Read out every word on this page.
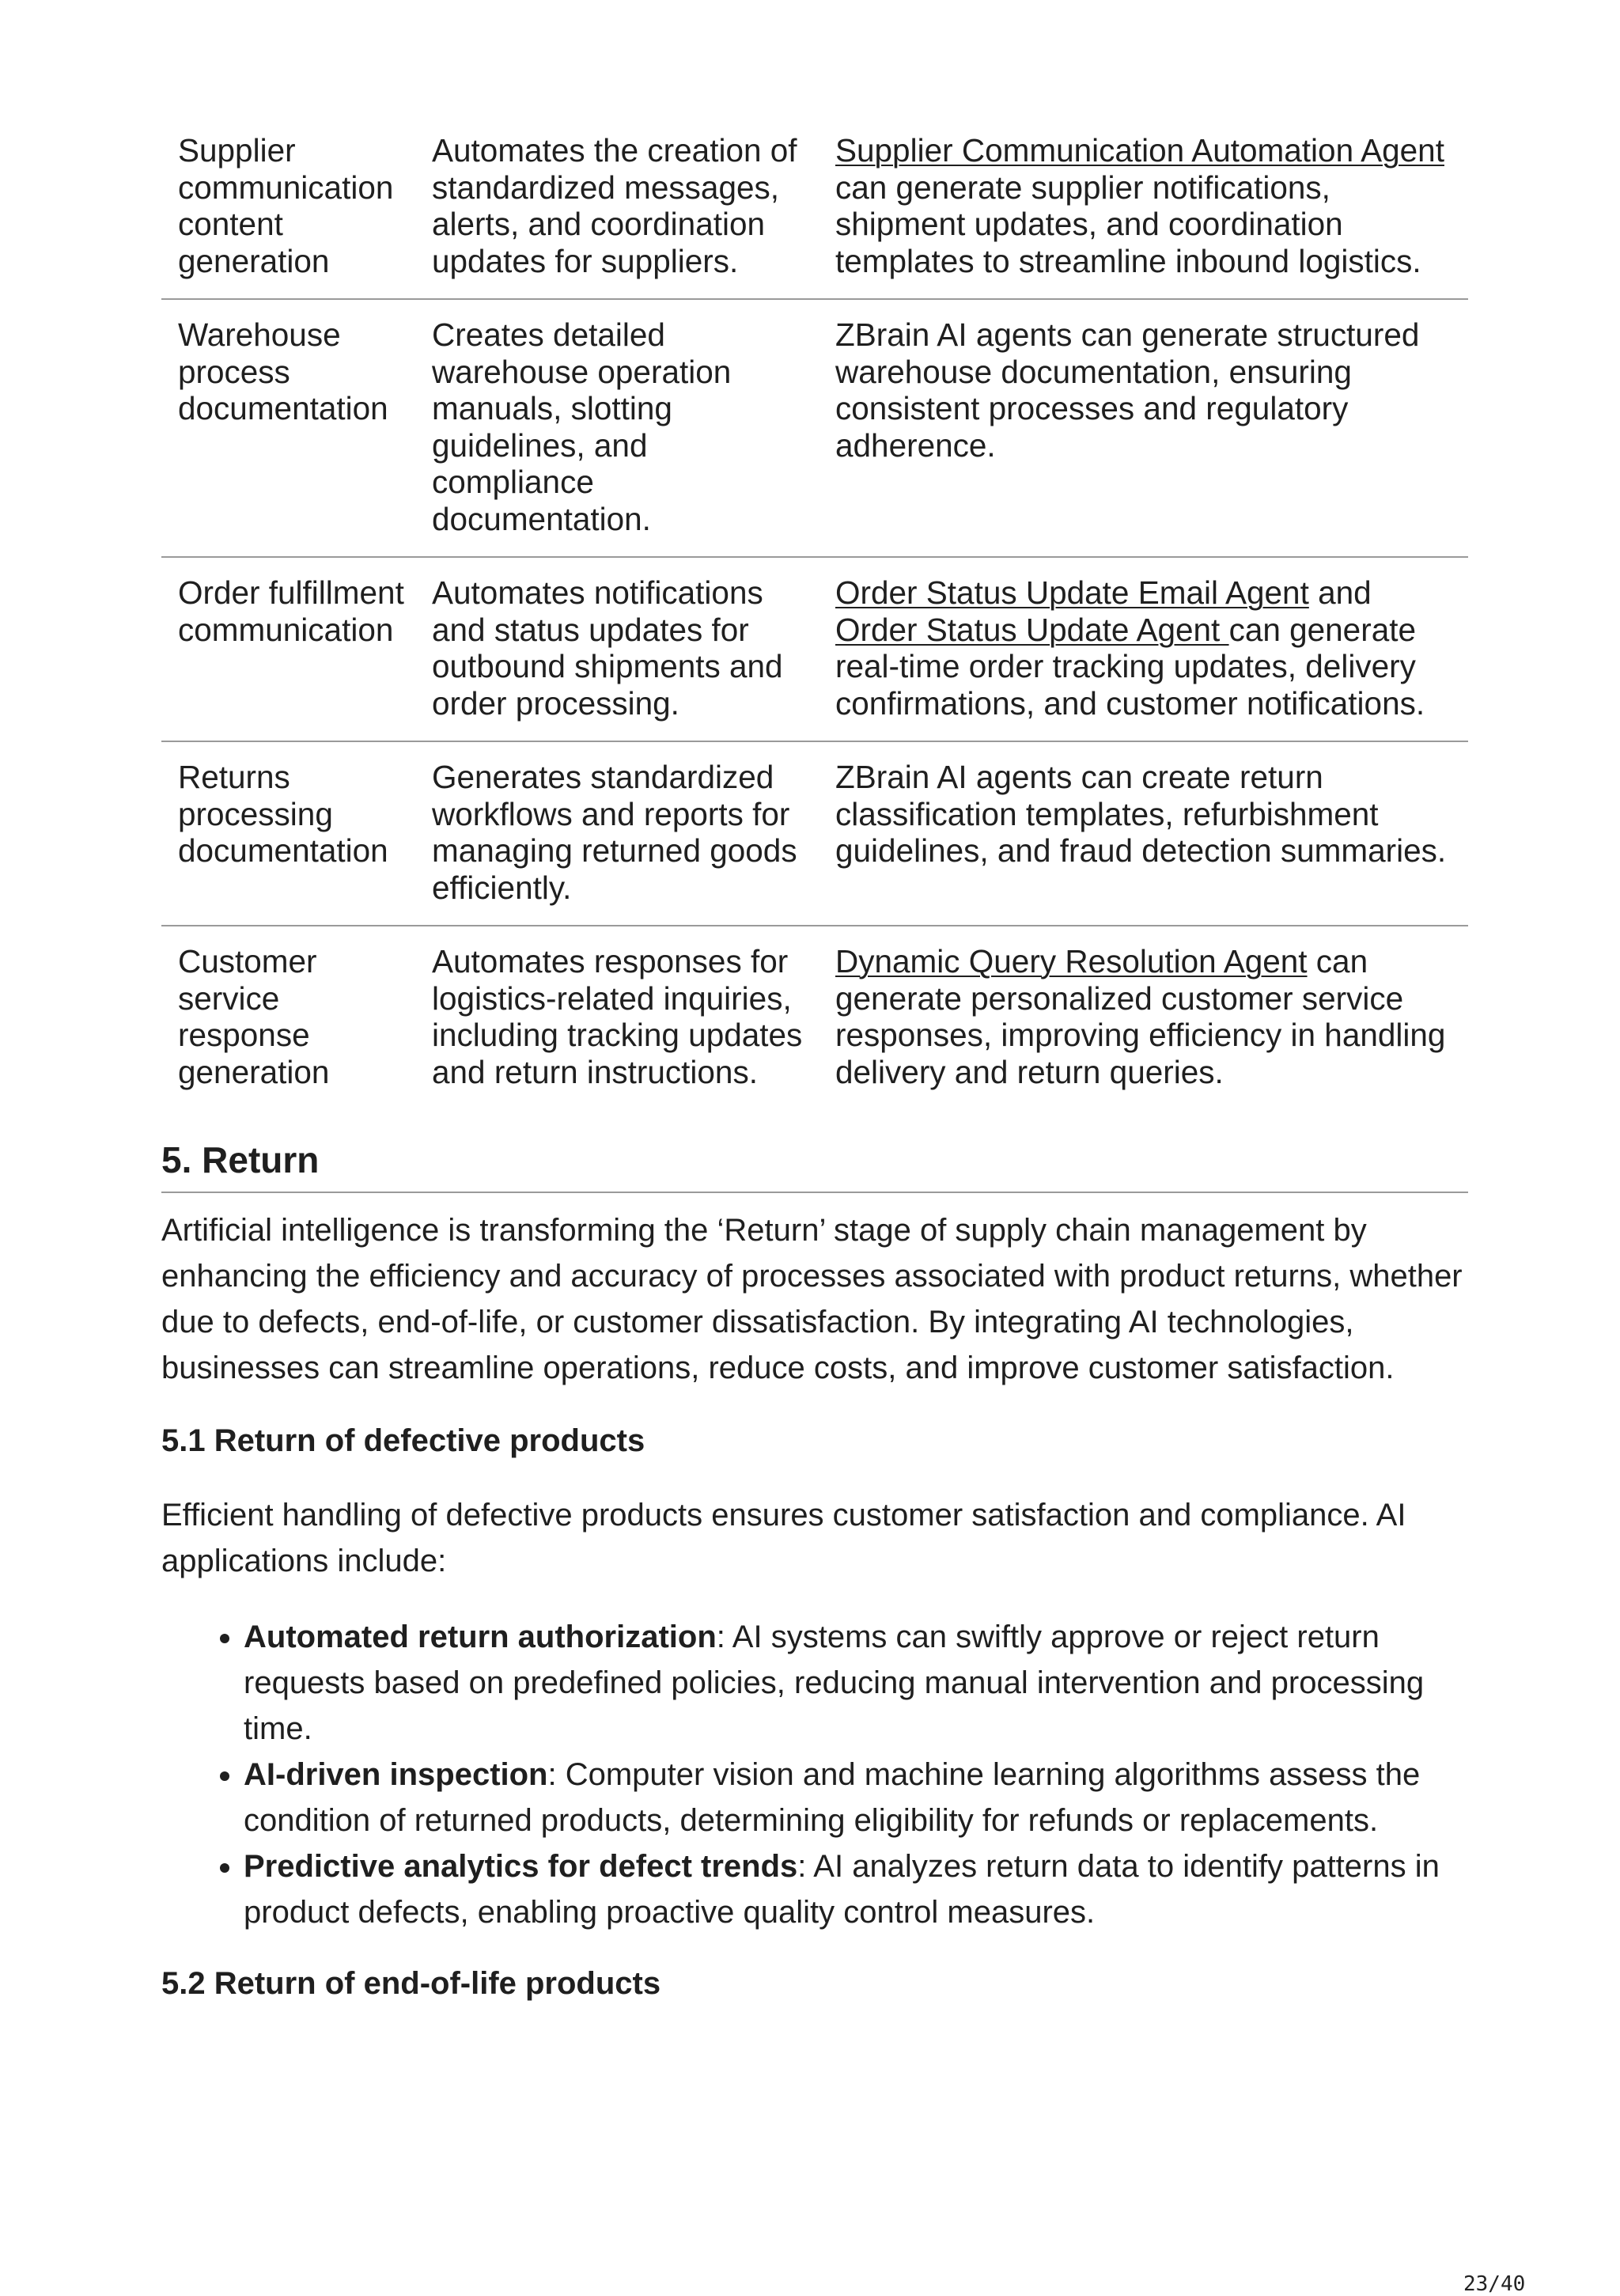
Supplier communication content generation	Automates the creation of standardized messages, alerts, and coordination updates for suppliers.	Supplier Communication Automation Agent can generate supplier notifications, shipment updates, and coordination templates to streamline inbound logistics.
Warehouse process documentation	Creates detailed warehouse operation manuals, slotting guidelines, and compliance documentation.	ZBrain AI agents can generate structured warehouse documentation, ensuring consistent processes and regulatory adherence.
Order fulfillment communication	Automates notifications and status updates for outbound shipments and order processing.	Order Status Update Email Agent and Order Status Update Agent can generate real-time order tracking updates, delivery confirmations, and customer notifications.
Returns processing documentation	Generates standardized workflows and reports for managing returned goods efficiently.	ZBrain AI agents can create return classification templates, refurbishment guidelines, and fraud detection summaries.
Customer service response generation	Automates responses for logistics-related inquiries, including tracking updates and return instructions.	Dynamic Query Resolution Agent can generate personalized customer service responses, improving efficiency in handling delivery and return queries.
5. Return

Artificial intelligence is transforming the ‘Return’ stage of supply chain management by enhancing the efficiency and accuracy of processes associated with product returns, whether due to defects, end-of-life, or customer dissatisfaction. By integrating AI technologies, businesses can streamline operations, reduce costs, and improve customer satisfaction.

5.1 Return of defective products

Efficient handling of defective products ensures customer satisfaction and compliance. AI applications include:

• Automated return authorization: AI systems can swiftly approve or reject return requests based on predefined policies, reducing manual intervention and processing time.
• AI-driven inspection: Computer vision and machine learning algorithms assess the condition of returned products, determining eligibility for refunds or replacements.
• Predictive analytics for defect trends: AI analyzes return data to identify patterns in product defects, enabling proactive quality control measures.
5.2 Return of end-of-life products
23/40
